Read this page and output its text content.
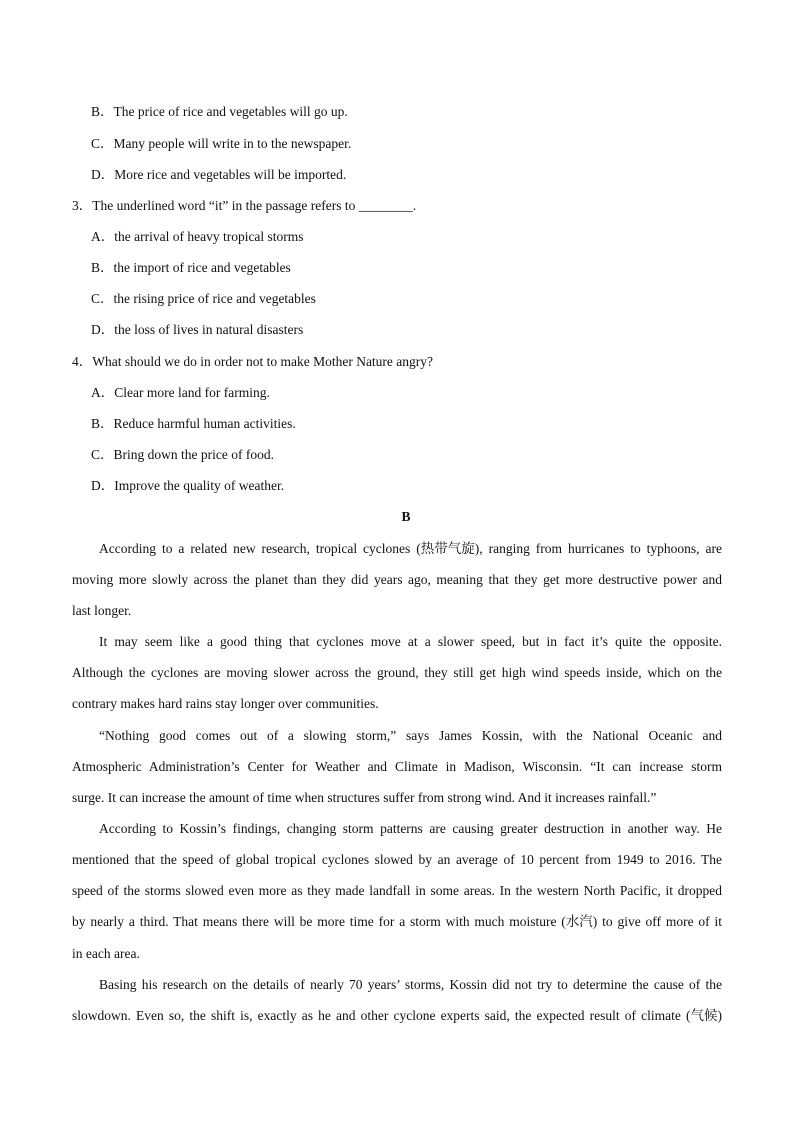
B．The price of rice and vegetables will go up.
C．Many people will write in to the newspaper.
D．More rice and vegetables will be imported.
3．The underlined word “it” in the passage refers to ________.
A．the arrival of heavy tropical storms
B．the import of rice and vegetables
C．the rising price of rice and vegetables
D．the loss of lives in natural disasters
4．What should we do in order not to make Mother Nature angry?
A．Clear more land for farming.
B．Reduce harmful human activities.
C．Bring down the price of food.
D．Improve the quality of weather.
B
According to a related new research, tropical cyclones (热带气旋), ranging from hurricanes to typhoons, are
moving more slowly across the planet than they did years ago, meaning that they get more destructive power and
last longer.
It may seem like a good thing that cyclones move at a slower speed, but in fact it’s quite the opposite.
Although the cyclones are moving slower across the ground, they still get high wind speeds inside, which on the
contrary makes hard rains stay longer over communities.
“Nothing good comes out of a slowing storm,” says James Kossin, with the National Oceanic and
Atmospheric Administration’s Center for Weather and Climate in Madison, Wisconsin. “It can increase storm
surge. It can increase the amount of time when structures suffer from strong wind. And it increases rainfall.”
According to Kossin’s findings, changing storm patterns are causing greater destruction in another way. He
mentioned that the speed of global tropical cyclones slowed by an average of 10 percent from 1949 to 2016. The
speed of the storms slowed even more as they made landfall in some areas. In the western North Pacific, it dropped
by nearly a third. That means there will be more time for a storm with much moisture (水汽) to give off more of it
in each area.
Basing his research on the details of nearly 70 years’ storms, Kossin did not try to determine the cause of the
slowdown. Even so, the shift is, exactly as he and other cyclone experts said, the expected result of climate (气候)
